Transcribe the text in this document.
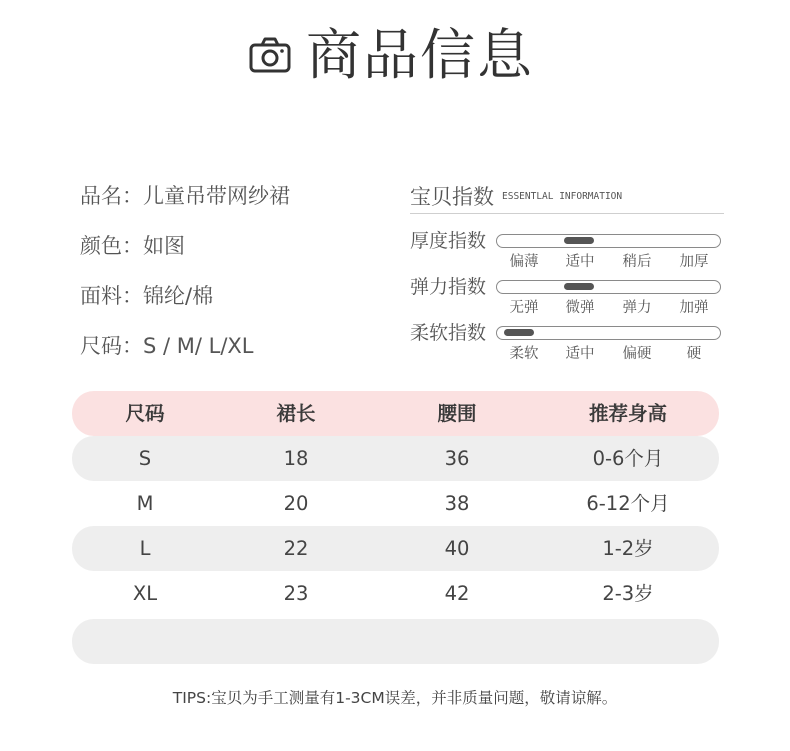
商品信息
品名：儿童吊带网纱裙
颜色：如图
面料：锦纶/棉
尺码：S / M/ L/XL
宝贝指数 ESSENTLAL INFORMATION
厚度指数
偏薄	适中	稍后	加厚
弹力指数
无弹	微弹	弹力	加弹
柔软指数
柔软	适中	偏硬	硬
尺码	裙长	腰围	推荐身高
S	18	36	0-6个月
M	20	38	6-12个月
L	22	40	1-2岁
XL	23	42	2-3岁
TIPS:宝贝为手工测量有1-3CM误差，并非质量问题，敬请谅解。
